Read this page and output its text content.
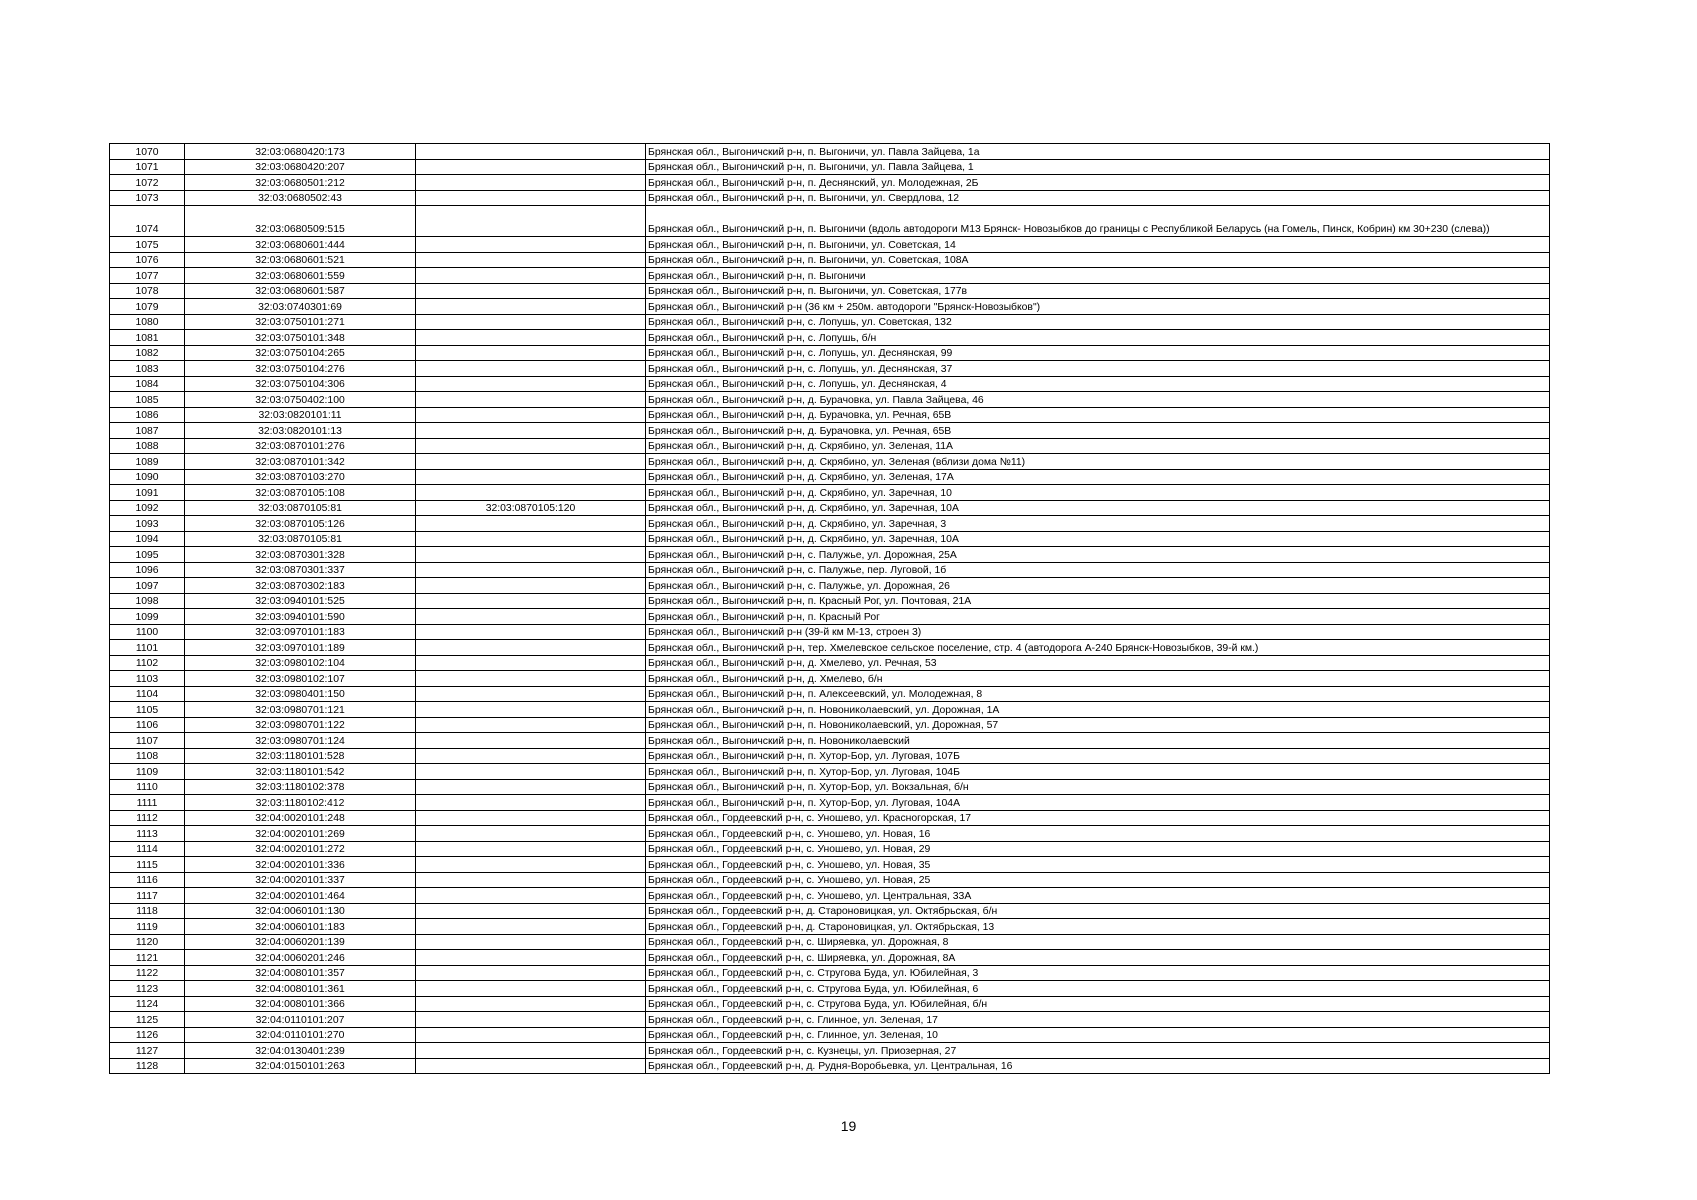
1070	32:03:0680420:173		Брянская обл., Выгоничский р-н, п. Выгоничи, ул. Павла Зайцева, 1а
1071	32:03:0680420:207		Брянская обл., Выгоничский р-н, п. Выгоничи, ул. Павла Зайцева, 1
1072	32:03:0680501:212		Брянская обл., Выгоничский р-н, п. Деснянский, ул. Молодежная, 2Б
1073	32:03:0680502:43		Брянская обл., Выгоничский р-н, п. Выгоничи, ул. Свердлова, 12
1074	32:03:0680509:515		Брянская обл., Выгоничский р-н, п. Выгоничи (вдоль автодороги М13 Брянск- Новозыбков до границы с Республикой Беларусь (на Гомель, Пинск, Кобрин) км 30+230 (слева))
1075	32:03:0680601:444		Брянская обл., Выгоничский р-н, п. Выгоничи, ул. Советская, 14
1076	32:03:0680601:521		Брянская обл., Выгоничский р-н, п. Выгоничи, ул. Советская, 108А
1077	32:03:0680601:559		Брянская обл., Выгоничский р-н, п. Выгоничи
1078	32:03:0680601:587		Брянская обл., Выгоничский р-н, п. Выгоничи, ул. Советская, 177в
1079	32:03:0740301:69		Брянская обл., Выгоничский р-н (36 км + 250м. автодороги "Брянск-Новозыбков")
1080	32:03:0750101:271		Брянская обл., Выгоничский р-н, с. Лопушь, ул. Советская, 132
1081	32:03:0750101:348		Брянская обл., Выгоничский р-н, с. Лопушь, б/н
1082	32:03:0750104:265		Брянская обл., Выгоничский р-н, с. Лопушь, ул. Деснянская, 99
1083	32:03:0750104:276		Брянская обл., Выгоничский р-н, с. Лопушь, ул. Деснянская, 37
1084	32:03:0750104:306		Брянская обл., Выгоничский р-н, с. Лопушь, ул. Деснянская, 4
1085	32:03:0750402:100		Брянская обл., Выгоничский р-н, д. Бурачовка, ул. Павла Зайцева, 46
1086	32:03:0820101:11		Брянская обл., Выгоничский р-н, д. Бурачовка, ул. Речная, 65В
1087	32:03:0820101:13		Брянская обл., Выгоничский р-н, д. Бурачовка, ул. Речная, 65В
1088	32:03:0870101:276		Брянская обл., Выгоничский р-н, д. Скрябино, ул. Зеленая, 11А
1089	32:03:0870101:342		Брянская обл., Выгоничский р-н, д. Скрябино, ул. Зеленая (вблизи дома №11)
1090	32:03:0870103:270		Брянская обл., Выгоничский р-н, д. Скрябино, ул. Зеленая, 17А
1091	32:03:0870105:108		Брянская обл., Выгоничский р-н, д. Скрябино, ул. Заречная, 10
1092	32:03:0870105:81	32:03:0870105:120	Брянская обл., Выгоничский р-н, д. Скрябино, ул. Заречная, 10А
1093	32:03:0870105:126		Брянская обл., Выгоничский р-н, д. Скрябино, ул. Заречная, 3
1094	32:03:0870105:81		Брянская обл., Выгоничский р-н, д. Скрябино, ул. Заречная, 10А
1095	32:03:0870301:328		Брянская обл., Выгоничский р-н, с. Палужье, ул. Дорожная, 25А
1096	32:03:0870301:337		Брянская обл., Выгоничский р-н, с. Палужье, пер. Луговой, 1б
1097	32:03:0870302:183		Брянская обл., Выгоничский р-н, с. Палужье, ул. Дорожная, 26
1098	32:03:0940101:525		Брянская обл., Выгоничский р-н, п. Красный Рог, ул. Почтовая, 21А
1099	32:03:0940101:590		Брянская обл., Выгоничский р-н, п. Красный Рог
1100	32:03:0970101:183		Брянская обл., Выгоничский р-н (39-й км М-13, строен 3)
1101	32:03:0970101:189		Брянская обл., Выгоничский р-н, тер. Хмелевское сельское поселение, стр. 4 (автодорога А-240 Брянск-Новозыбков, 39-й км.)
1102	32:03:0980102:104		Брянская обл., Выгоничский р-н, д. Хмелево, ул. Речная, 53
1103	32:03:0980102:107		Брянская обл., Выгоничский р-н, д. Хмелево, б/н
1104	32:03:0980401:150		Брянская обл., Выгоничский р-н, п. Алексеевский, ул. Молодежная, 8
1105	32:03:0980701:121		Брянская обл., Выгоничский р-н, п. Новониколаевский, ул. Дорожная, 1А
1106	32:03:0980701:122		Брянская обл., Выгоничский р-н, п. Новониколаевский, ул. Дорожная, 57
1107	32:03:0980701:124		Брянская обл., Выгоничский р-н, п. Новониколаевский
1108	32:03:1180101:528		Брянская обл., Выгоничский р-н, п. Хутор-Бор, ул. Луговая, 107Б
1109	32:03:1180101:542		Брянская обл., Выгоничский р-н, п. Хутор-Бор, ул. Луговая, 104Б
1110	32:03:1180102:378		Брянская обл., Выгоничский р-н, п. Хутор-Бор, ул. Вокзальная, б/н
1111	32:03:1180102:412		Брянская обл., Выгоничский р-н, п. Хутор-Бор, ул. Луговая, 104А
1112	32:04:0020101:248		Брянская обл., Гордеевский р-н, с. Уношево, ул. Красногорская, 17
1113	32:04:0020101:269		Брянская обл., Гордеевский р-н, с. Уношево, ул. Новая, 16
1114	32:04:0020101:272		Брянская обл., Гордеевский р-н, с. Уношево, ул. Новая, 29
1115	32:04:0020101:336		Брянская обл., Гордеевский р-н, с. Уношево, ул. Новая, 35
1116	32:04:0020101:337		Брянская обл., Гордеевский р-н, с. Уношево, ул. Новая, 25
1117	32:04:0020101:464		Брянская обл., Гордеевский р-н, с. Уношево, ул. Центральная, 33А
1118	32:04:0060101:130		Брянская обл., Гордеевский р-н, д. Староновицкая, ул. Октябрьская, б/н
1119	32:04:0060101:183		Брянская обл., Гордеевский р-н, д. Староновицкая, ул. Октябрьская, 13
1120	32:04:0060201:139		Брянская обл., Гордеевский р-н, с. Ширяевка, ул. Дорожная, 8
1121	32:04:0060201:246		Брянская обл., Гордеевский р-н, с. Ширяевка, ул. Дорожная, 8А
1122	32:04:0080101:357		Брянская обл., Гордеевский р-н, с. Стругова Буда, ул. Юбилейная, 3
1123	32:04:0080101:361		Брянская обл., Гордеевский р-н, с. Стругова Буда, ул. Юбилейная, 6
1124	32:04:0080101:366		Брянская обл., Гордеевский р-н, с. Стругова Буда, ул. Юбилейная, б/н
1125	32:04:0110101:207		Брянская обл., Гордеевский р-н, с. Глинное, ул. Зеленая, 17
1126	32:04:0110101:270		Брянская обл., Гордеевский р-н, с. Глинное, ул. Зеленая, 10
1127	32:04:0130401:239		Брянская обл., Гордеевский р-н, с. Кузнецы, ул. Приозерная, 27
1128	32:04:0150101:263		Брянская обл., Гордеевский р-н, д. Рудня-Воробьевка, ул. Центральная, 16
19
